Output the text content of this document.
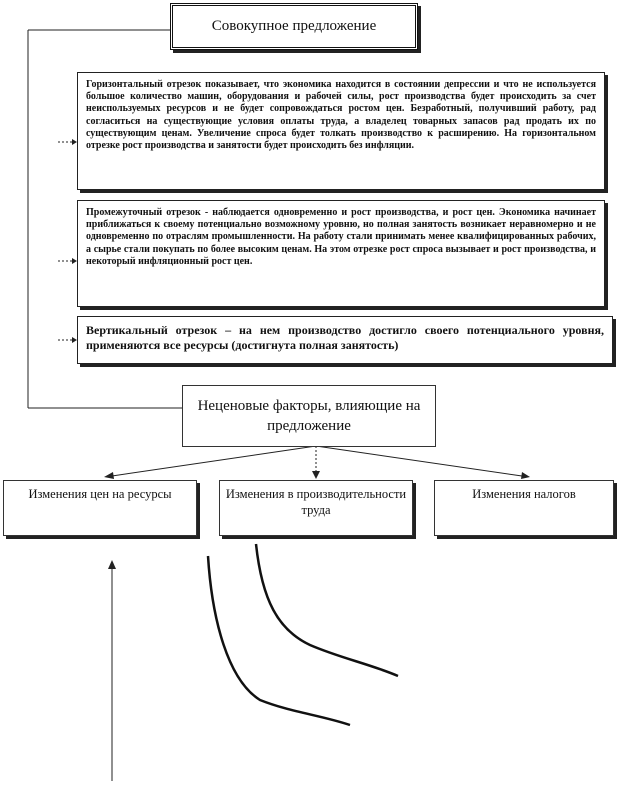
Совокупное предложение

Горизонтальный отрезок показывает, что экономика находится в состоянии депрессии и что не используется большое количество машин, оборудования и рабочей силы, рост производства будет происходить за счет неиспользуемых ресурсов и не будет сопровождаться ростом цен. Безработный, получивший работу, рад согласиться на существующие условия оплаты труда, а владелец товарных запасов рад продать их по существующим ценам. Увеличение спроса будет толкать производство к расширению. На горизонтальном отрезке рост производства и занятости будет происходить без инфляции.

Промежуточный отрезок - наблюдается одновременно и рост производства, и рост цен. Экономика начинает приближаться к своему потенциально возможному уровню, но полная занятость возникает неравномерно и не одновременно по отраслям промышленности. На работу стали принимать менее квалифицированных рабочих, а сырье стали покупать по более высоким ценам. На этом отрезке рост спроса вызывает и рост производства, и некоторый инфляционный рост цен.

Вертикальный отрезок – на нем производство достигло своего потенциального уровня, применяются все ресурсы (достигнута полная занятость)

Неценовые факторы, влияющие на предложение
Изменения цен на ресурсы	Изменения в производительности труда
Изменения налогов
